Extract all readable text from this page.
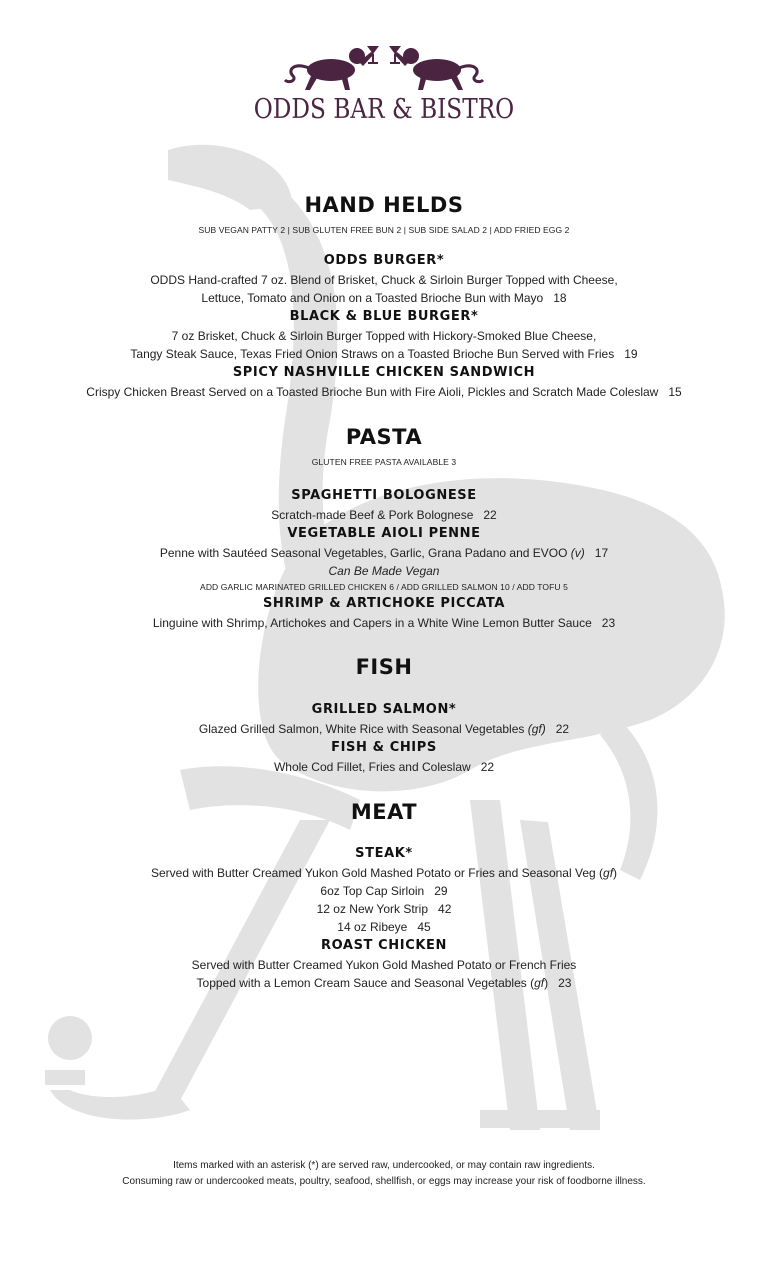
ODDS BAR & BISTRO
HAND HELDS
SUB VEGAN PATTY 2 | SUB GLUTEN FREE BUN 2 | SUB SIDE SALAD 2 | ADD FRIED EGG 2
ODDS BURGER*
ODDS Hand-crafted 7 oz. Blend of Brisket, Chuck & Sirloin Burger Topped with Cheese,
Lettuce, Tomato and Onion on a Toasted Brioche Bun with Mayo 18
BLACK & BLUE BURGER*
7 oz Brisket, Chuck & Sirloin Burger Topped with Hickory-Smoked Blue Cheese,
Tangy Steak Sauce, Texas Fried Onion Straws on a Toasted Brioche Bun Served with Fries 19
SPICY NASHVILLE CHICKEN SANDWICH
Crispy Chicken Breast Served on a Toasted Brioche Bun with Fire Aioli, Pickles and Scratch Made Coleslaw 15
PASTA
GLUTEN FREE PASTA AVAILABLE 3
SPAGHETTI BOLOGNESE
Scratch-made Beef & Pork Bolognese 22
VEGETABLE AIOLI PENNE
Penne with Sautéed Seasonal Vegetables, Garlic, Grana Padano and EVOO (v) 17
Can Be Made Vegan
ADD GARLIC MARINATED GRILLED CHICKEN 6 / ADD GRILLED SALMON 10 / ADD TOFU 5
SHRIMP & ARTICHOKE PICCATA
Linguine with Shrimp, Artichokes and Capers in a White Wine Lemon Butter Sauce 23
FISH
GRILLED SALMON*
Glazed Grilled Salmon, White Rice with Seasonal Vegetables (gf) 22
FISH & CHIPS
Whole Cod Fillet, Fries and Coleslaw 22
MEAT
STEAK*
Served with Butter Creamed Yukon Gold Mashed Potato or Fries and Seasonal Veg (gf)
6oz Top Cap Sirloin 29
12 oz New York Strip 42
14 oz Ribeye 45
ROAST CHICKEN
Served with Butter Creamed Yukon Gold Mashed Potato or French Fries
Topped with a Lemon Cream Sauce and Seasonal Vegetables (gf) 23
Items marked with an asterisk (*) are served raw, undercooked, or may contain raw ingredients.
Consuming raw or undercooked meats, poultry, seafood, shellfish, or eggs may increase your risk of foodborne illness.
